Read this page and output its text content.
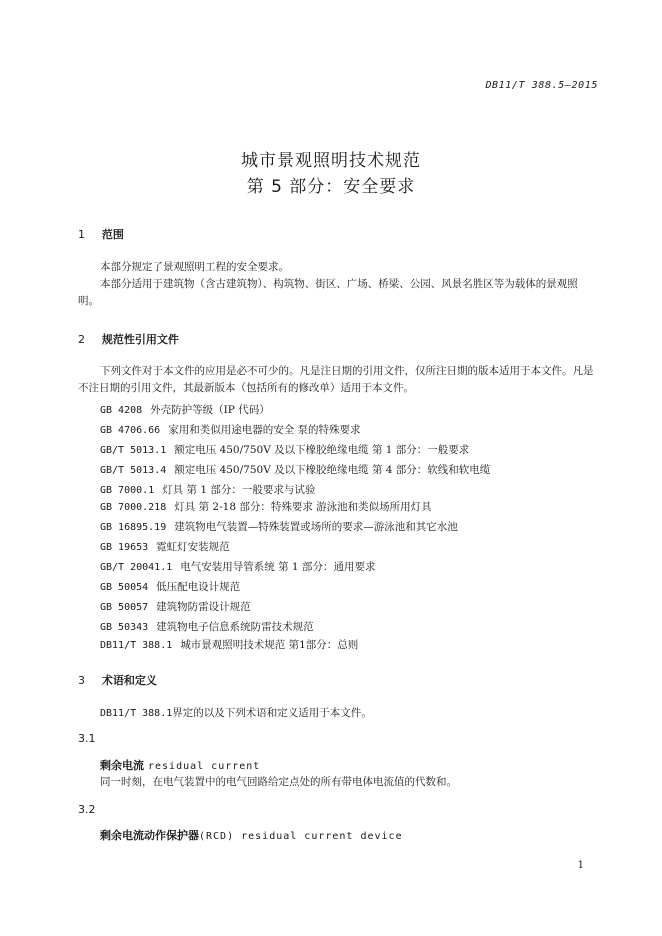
DB11/T 388.5—2015
城市景观照明技术规范
第 5 部分：安全要求
1 范围
本部分规定了景观照明工程的安全要求。
本部分适用于建筑物（含古建筑物）、构筑物、街区、广场、桥梁、公园、风景名胜区等为载体的景观照明。
2 规范性引用文件
下列文件对于本文件的应用是必不可少的。凡是注日期的引用文件，仅所注日期的版本适用于本文件。凡是不注日期的引用文件，其最新版本（包括所有的修改单）适用于本文件。
GB 4208 外壳防护等级（IP 代码）
GB 4706.66 家用和类似用途电器的安全 泵的特殊要求
GB/T 5013.1 额定电压 450/750V 及以下橡胶绝缘电缆 第 1 部分：一般要求
GB/T 5013.4 额定电压 450/750V 及以下橡胶绝缘电缆 第 4 部分：软线和软电缆
GB 7000.1 灯具 第 1 部分：一般要求与试验
GB 7000.218 灯具 第 2-18 部分：特殊要求 游泳池和类似场所用灯具
GB 16895.19 建筑物电气装置—特殊装置或场所的要求—游泳池和其它水池
GB 19653 霓虹灯安装规范
GB/T 20041.1 电气安装用导管系统 第 1 部分：通用要求
GB 50054 低压配电设计规范
GB 50057 建筑物防雷设计规范
GB 50343 建筑物电子信息系统防雷技术规范
DB11/T 388.1 城市景观照明技术规范 第1部分：总则
3 术语和定义
DB11/T 388.1界定的以及下列术语和定义适用于本文件。
3.1
剩余电流 residual current
同一时刻，在电气装置中的电气回路给定点处的所有带电体电流值的代数和。
3.2
剩余电流动作保护器(RCD) residual current device
1
